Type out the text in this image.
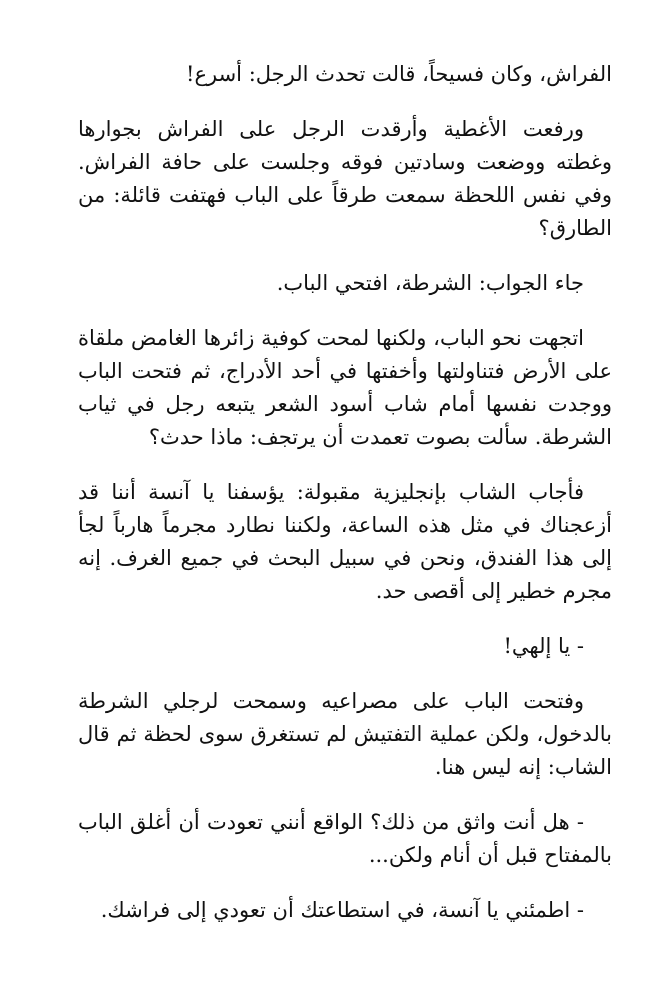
الفراش، وكان فسيحاً، قالت تحدث الرجل: أسرع!

ورفعت الأغطية وأرقدت الرجل على الفراش بجوارها وغطته ووضعت وسادتين فوقه وجلست على حافة الفراش. وفي نفس اللحظة سمعت طرقاً على الباب فهتفت قائلة: من الطارق؟

جاء الجواب: الشرطة، افتحي الباب.

اتجهت نحو الباب، ولكنها لمحت كوفية زائرها الغامض ملقاة على الأرض فتناولتها وأخفتها في أحد الأدراج، ثم فتحت الباب ووجدت نفسها أمام شاب أسود الشعر يتبعه رجل في ثياب الشرطة. سألت بصوت تعمدت أن يرتجف: ماذا حدث؟

فأجاب الشاب بإنجليزية مقبولة: يؤسفنا يا آنسة أننا قد أزعجناك في مثل هذه الساعة، ولكننا نطارد مجرماً هارباً لجأ إلى هذا الفندق، ونحن في سبيل البحث في جميع الغرف. إنه مجرم خطير إلى أقصى حد.

- يا إلهي!

وفتحت الباب على مصراعيه وسمحت لرجلي الشرطة بالدخول، ولكن عملية التفتيش لم تستغرق سوى لحظة ثم قال الشاب: إنه ليس هنا.

- هل أنت واثق من ذلك؟ الواقع أنني تعودت أن أغلق الباب بالمفتاح قبل أن أنام ولكن...

- اطمئني يا آنسة، في استطاعتك أن تعودي إلى فراشك.
